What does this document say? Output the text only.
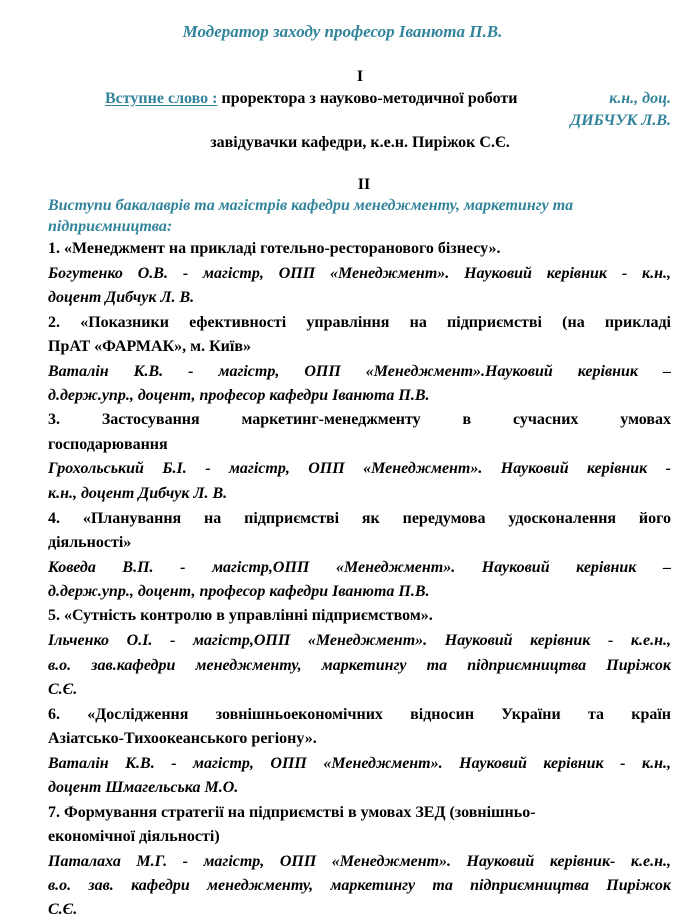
Модератор заходу професор Іванюта П.В.
I
Вступне слово : проректора з науково-методичної роботи	к.н., доц.
ДИБЧУК Л.В.
завідувачки кафедри, к.е.н. Пиріжок С.Є.
II
Виступи бакалаврів та магістрів кафедри менеджменту, маркетингу та
підприємництва:
1. «Менеджмент на прикладі готельно-ресторанового бізнесу».
Богутенко О.В. - магістр, ОПП «Менеджмент». Науковий керівник - к.н.,
доцент Дибчук Л. В.
2. «Показники ефективності управління на підприємстві (на прикладі
ПрАТ «ФАРМАК», м. Київ»
Ваталін К.В. - магістр, ОПП «Менеджмент».Науковий керівник –
д.держ.упр., доцент, професор кафедри Іванюта П.В.
3. Застосування маркетинг-менеджменту в сучасних умовах
господарювання
Грохольський Б.І. - магістр, ОПП «Менеджмент». Науковий керівник -
к.н., доцент Дибчук Л. В.
4. «Планування на підприємстві як передумова удосконалення його
діяльності»
Коведа В.П. - магістр,ОПП «Менеджмент». Науковий керівник –
д.держ.упр., доцент, професор кафедри Іванюта П.В.
5. «Сутність контролю в управлінні підприємством».
Ільченко О.І. - магістр,ОПП «Менеджмент». Науковий керівник - к.е.н.,
в.о. зав.кафедри менеджменту, маркетингу та підприємництва Пиріжок
С.Є.
6. «Дослідження зовнішньоекономічних відносин України та країн
Азіатсько-Тихоокеанського регіону».
Ваталін К.В. - магістр, ОПП «Менеджмент». Науковий керівник - к.н.,
доцент Шмагельська М.О.
7. Формування стратегії на підприємстві в умовах ЗЕД (зовнішньо-
економічної діяльності)
Паталаха М.Г. - магістр, ОПП «Менеджмент». Науковий керівник- к.е.н.,
в.о. зав. кафедри менеджменту, маркетингу та підприємництва Пиріжок
С.Є.
